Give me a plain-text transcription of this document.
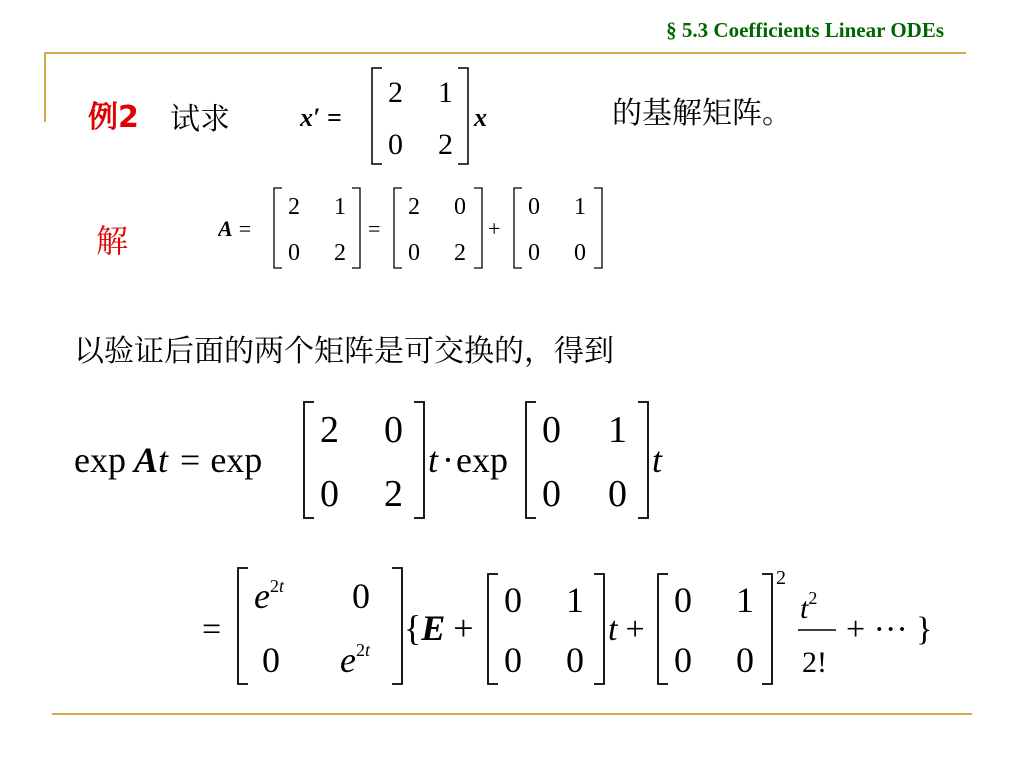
§ 5.3 Coefficients Linear ODEs
例2 试求	x′ =
2 1
0 2
x	的基解矩阵。
解	A =
2 1
0 2
=
2 0
0 2
+
0 1
0 0
以验证后面的两个矩阵是可交换的，得到
exp At = exp
2 0
0 2
t ·exp
0 1
0 0
t
=
$e^2t$ 0
0 $e^2t$
{E +
0 1
0 0
t +
0 1
0 0
2
$t^2$
2!
+ ··· }
